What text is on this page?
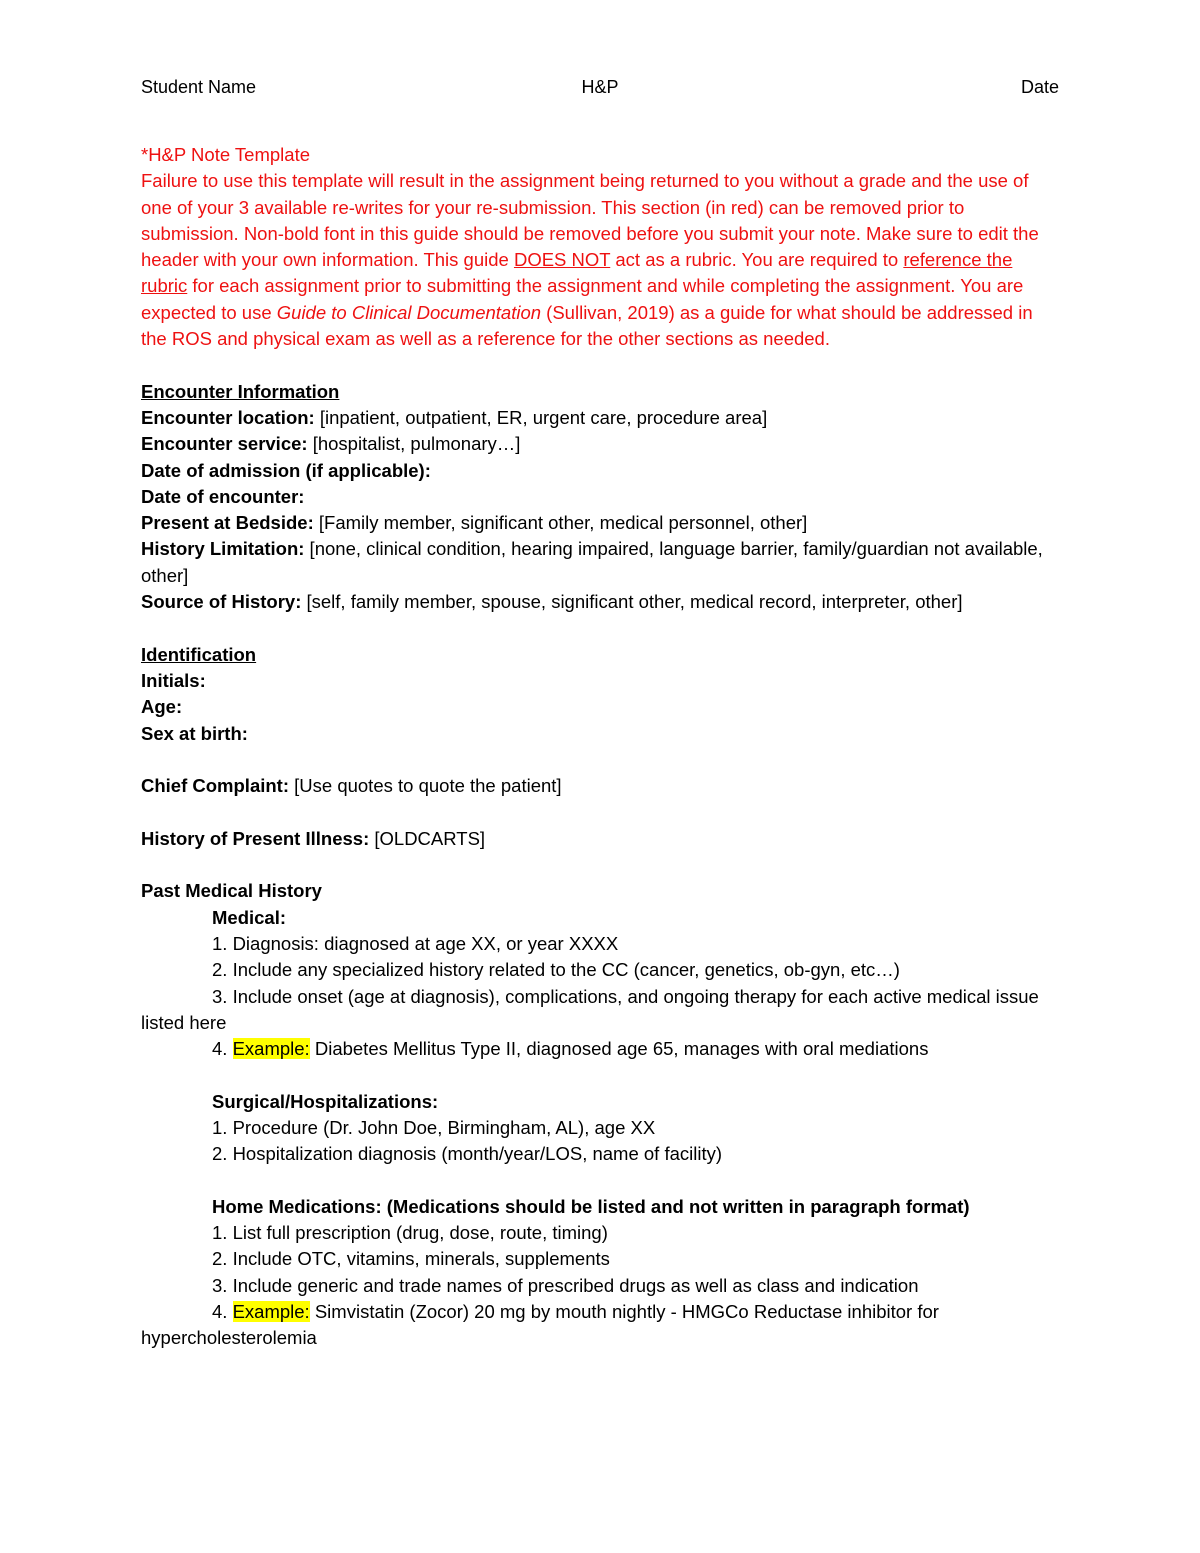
Student Name	H&P	Date
*H&P Note Template
Failure to use this template will result in the assignment being returned to you without a grade and the use of one of your 3 available re-writes for your re-submission. This section (in red) can be removed prior to submission. Non-bold font in this guide should be removed before you submit your note. Make sure to edit the header with your own information. This guide DOES NOT act as a rubric. You are required to reference the rubric for each assignment prior to submitting the assignment and while completing the assignment. You are expected to use Guide to Clinical Documentation (Sullivan, 2019) as a guide for what should be addressed in the ROS and physical exam as well as a reference for the other sections as needed.
Encounter Information
Encounter location: [inpatient, outpatient, ER, urgent care, procedure area]
Encounter service: [hospitalist, pulmonary…]
Date of admission (if applicable):
Date of encounter:
Present at Bedside: [Family member, significant other, medical personnel, other]
History Limitation: [none, clinical condition, hearing impaired, language barrier, family/guardian not available, other]
Source of History: [self, family member, spouse, significant other, medical record, interpreter, other]
Identification
Initials:
Age:
Sex at birth:
Chief Complaint: [Use quotes to quote the patient]
History of Present Illness: [OLDCARTS]
Past Medical History
Medical:
1. Diagnosis: diagnosed at age XX, or year XXXX
2. Include any specialized history related to the CC (cancer, genetics, ob-gyn, etc…)
3. Include onset (age at diagnosis), complications, and ongoing therapy for each active medical issue listed here
4. Example: Diabetes Mellitus Type II, diagnosed age 65, manages with oral mediations
Surgical/Hospitalizations:
1. Procedure (Dr. John Doe, Birmingham, AL), age XX
2. Hospitalization diagnosis (month/year/LOS, name of facility)
Home Medications: (Medications should be listed and not written in paragraph format)
1. List full prescription (drug, dose, route, timing)
2. Include OTC, vitamins, minerals, supplements
3. Include generic and trade names of prescribed drugs as well as class and indication
4. Example: Simvistatin (Zocor) 20 mg by mouth nightly - HMGCo Reductase inhibitor for hypercholesterolemia
